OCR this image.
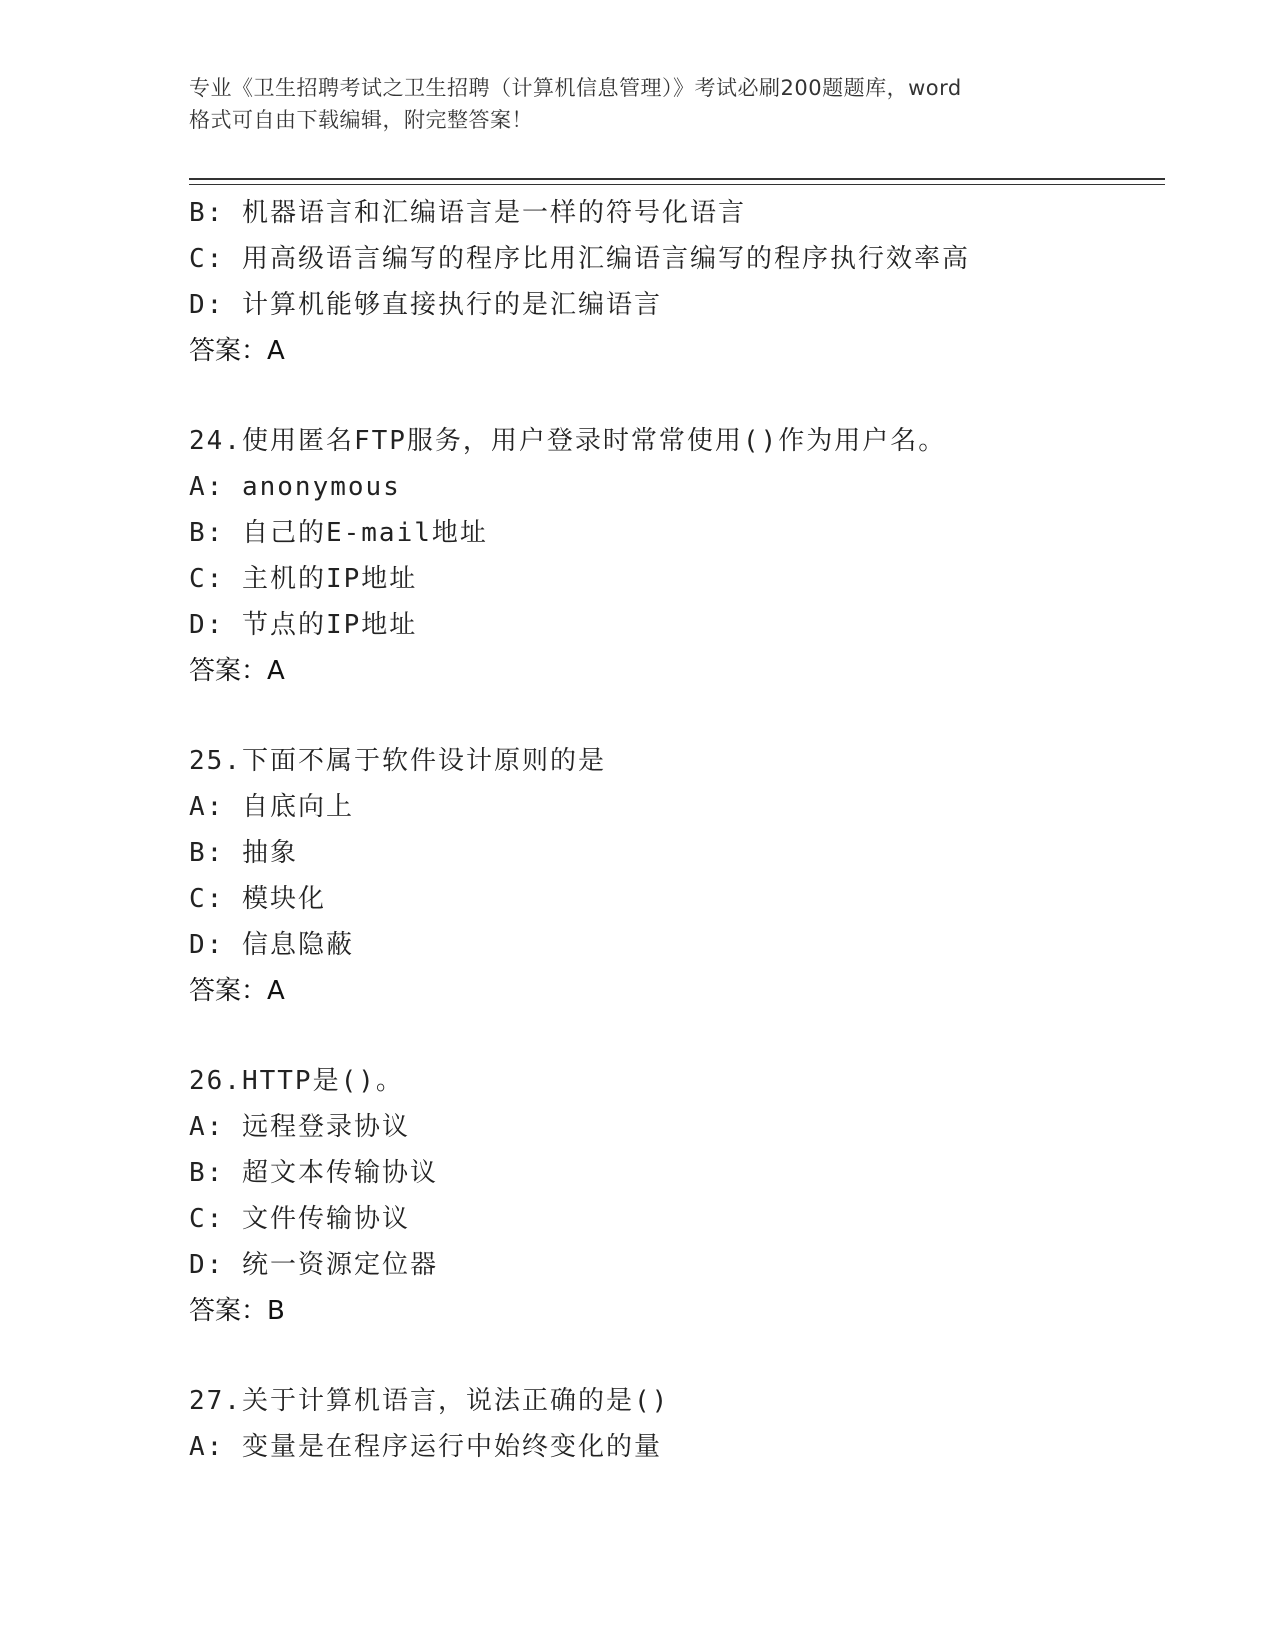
专业《卫生招聘考试之卫生招聘（计算机信息管理）》考试必刷200题题库，word
格式可自由下载编辑，附完整答案！
B: 机器语言和汇编语言是一样的符号化语言
C: 用高级语言编写的程序比用汇编语言编写的程序执行效率高
D: 计算机能够直接执行的是汇编语言
答案：A
24.使用匿名FTP服务，用户登录时常常使用()作为用户名。
A: anonymous
B: 自己的E-mail地址
C: 主机的IP地址
D: 节点的IP地址
答案：A
25.下面不属于软件设计原则的是
A: 自底向上
B: 抽象
C: 模块化
D: 信息隐蔽
答案：A
26.HTTP是()。
A: 远程登录协议
B: 超文本传输协议
C: 文件传输协议
D: 统一资源定位器
答案：B
27.关于计算机语言，说法正确的是()
A: 变量是在程序运行中始终变化的量
